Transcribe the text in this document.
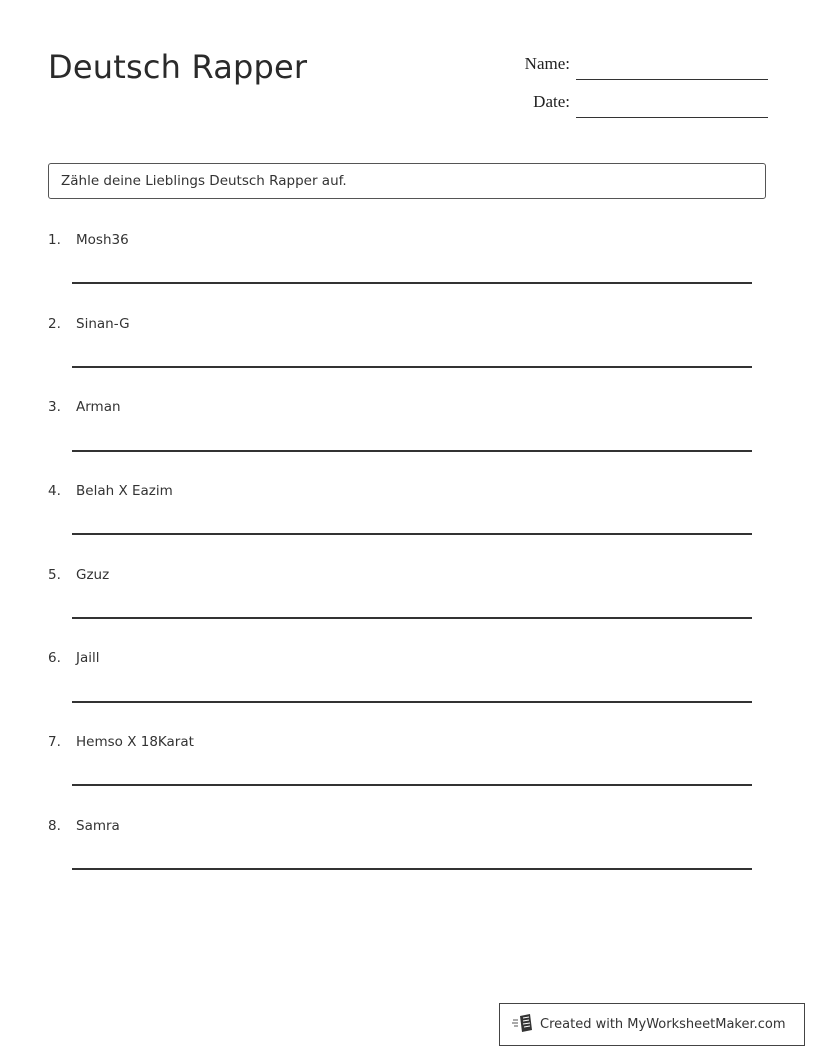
Deutsch Rapper	Name:
Date:
Zähle deine Lieblings Deutsch Rapper auf.
1. Mosh36
2. Sinan-G
3. Arman
4. Belah X Eazim
5. Gzuz
6. Jaill
7. Hemso X 18Karat
8. Samra
Created with MyWorksheetMaker.com
